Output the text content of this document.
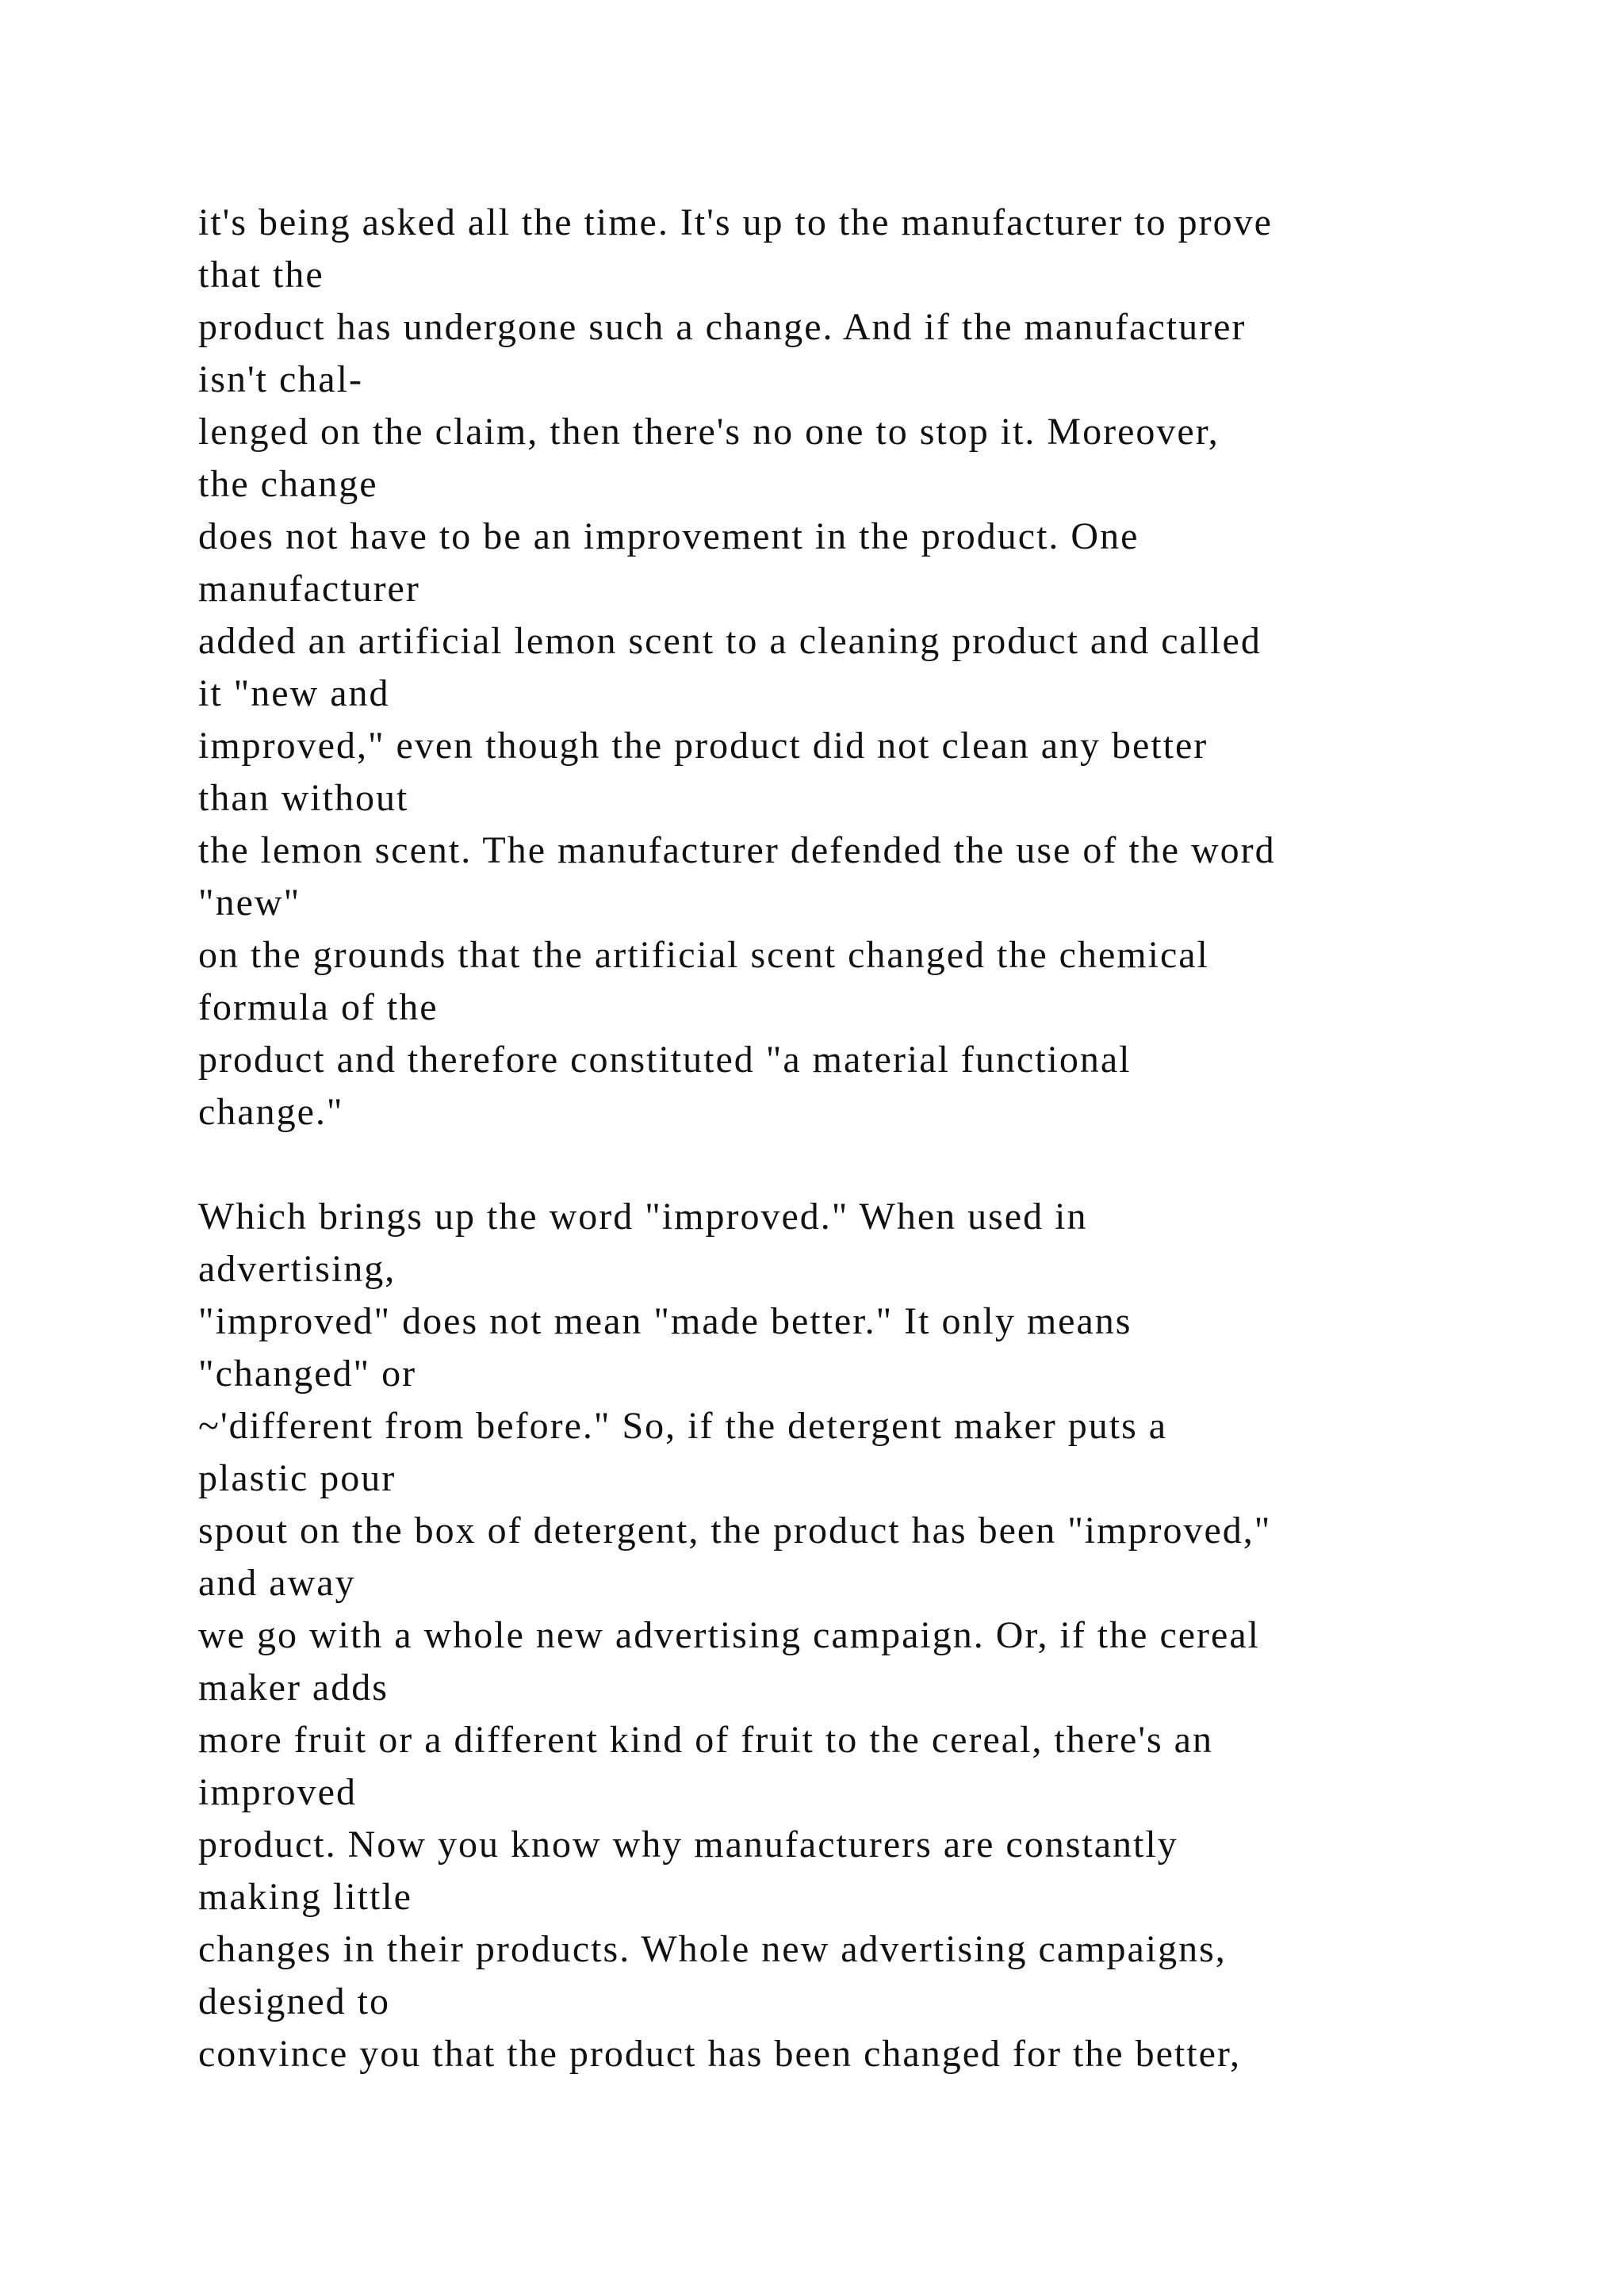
it's being asked all the time. It's up to the manufacturer to prove
that the
product has undergone such a change. And if the manufacturer
isn't chal-
lenged on the claim, then there's no one to stop it. Moreover,
the change
does not have to be an improvement in the product. One
manufacturer
added an artificial lemon scent to a cleaning product and called
it "new and
improved," even though the product did not clean any better
than without
the lemon scent. The manufacturer defended the use of the word
"new"
on the grounds that the artificial scent changed the chemical
formula of the
product and therefore constituted "a material functional
change."
Which brings up the word "improved." When used in
advertising,
"improved" does not mean "made better." It only means
"changed" or
~'different from before." So, if the detergent maker puts a
plastic pour
spout on the box of detergent, the product has been "improved,"
and away
we go with a whole new advertising campaign. Or, if the cereal
maker adds
more fruit or a different kind of fruit to the cereal, there's an
improved
product. Now you know why manufacturers are constantly
making little
changes in their products. Whole new advertising campaigns,
designed to
convince you that the product has been changed for the better,
